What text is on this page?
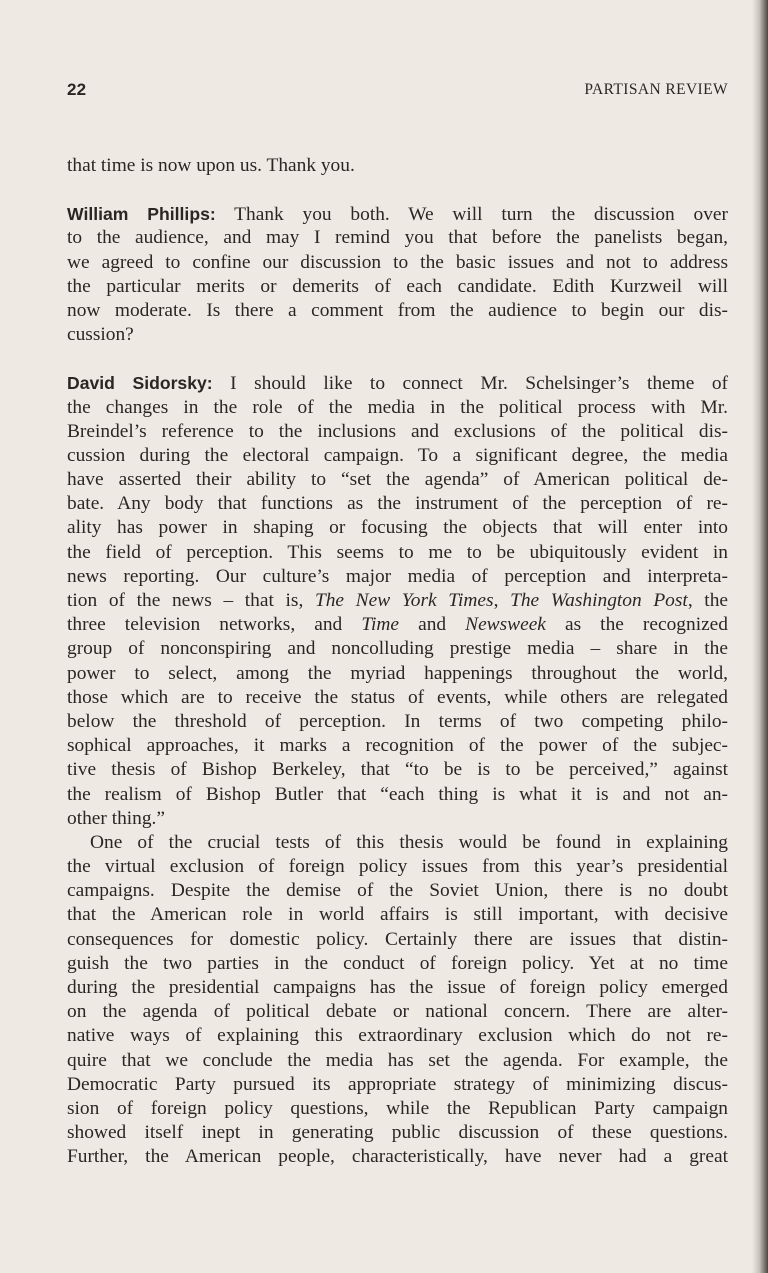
22	PARTISAN REVIEW

that time is now upon us. Thank you.

William Phillips: Thank you both. We will turn the discussion over
to the audience, and may I remind you that before the panelists began,
we agreed to confine our discussion to the basic issues and not to address
the particular merits or demerits of each candidate. Edith Kurzweil will
now moderate. Is there a comment from the audience to begin our dis-
cussion?

David Sidorsky: I should like to connect Mr. Schelsinger’s theme of
the changes in the role of the media in the political process with Mr.
Breindel’s reference to the inclusions and exclusions of the political dis-
cussion during the electoral campaign. To a significant degree, the media
have asserted their ability to “set the agenda” of American political de-
bate. Any body that functions as the instrument of the perception of re-
ality has power in shaping or focusing the objects that will enter into
the field of perception. This seems to me to be ubiquitously evident in
news reporting. Our culture’s major media of perception and interpreta-
tion of the news – that is, The New York Times, The Washington Post, the
three television networks, and Time and Newsweek as the recognized
group of nonconspiring and noncolluding prestige media – share in the
power to select, among the myriad happenings throughout the world,
those which are to receive the status of events, while others are relegated
below the threshold of perception. In terms of two competing philo-
sophical approaches, it marks a recognition of the power of the subjec-
tive thesis of Bishop Berkeley, that “to be is to be perceived,” against
the realism of Bishop Butler that “each thing is what it is and not an-
other thing.”

One of the crucial tests of this thesis would be found in explaining
the virtual exclusion of foreign policy issues from this year’s presidential
campaigns. Despite the demise of the Soviet Union, there is no doubt
that the American role in world affairs is still important, with decisive
consequences for domestic policy. Certainly there are issues that distin-
guish the two parties in the conduct of foreign policy. Yet at no time
during the presidential campaigns has the issue of foreign policy emerged
on the agenda of political debate or national concern. There are alter-
native ways of explaining this extraordinary exclusion which do not re-
quire that we conclude the media has set the agenda. For example, the
Democratic Party pursued its appropriate strategy of minimizing discus-
sion of foreign policy questions, while the Republican Party campaign
showed itself inept in generating public discussion of these questions.
Further, the American people, characteristically, have never had a great
